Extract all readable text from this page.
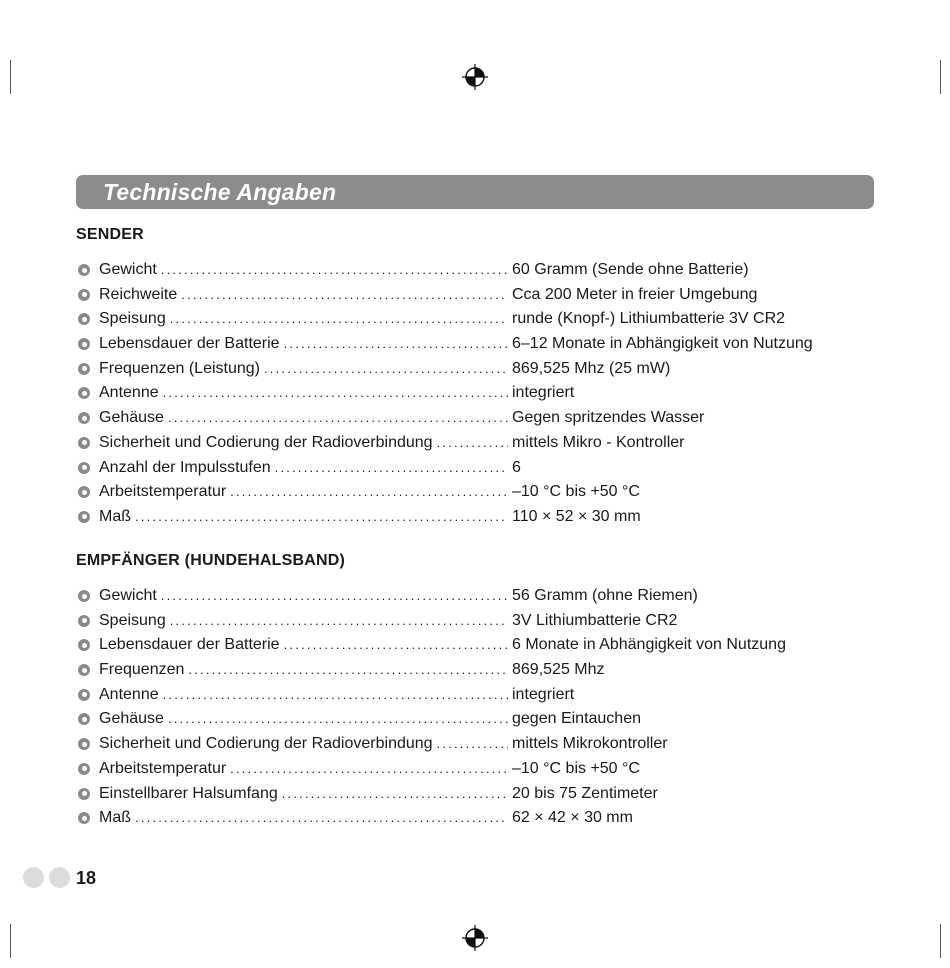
Technische Angaben
SENDER
Gewicht .....	60 Gramm (Sende ohne Batterie)
Reichweite .....	Cca 200 Meter in freier Umgebung
Speisung .....	runde (Knopf-) Lithiumbatterie 3V CR2
Lebensdauer der Batterie .....	6–12 Monate in Abhängigkeit von Nutzung
Frequenzen (Leistung) .....	869,525 Mhz (25 mW)
Antenne .....	integriert
Gehäuse .....	Gegen spritzendes Wasser
Sicherheit und Codierung der Radioverbindung .....	mittels Mikro - Kontroller
Anzahl der Impulsstufen .....	6
Arbeitstemperatur .....	–10 °C bis +50 °C
Maß .....	110 × 52 × 30 mm
EMPFÄNGER (HUNDEHALSBAND)
Gewicht .....	56 Gramm (ohne Riemen)
Speisung .....	3V Lithiumbatterie CR2
Lebensdauer der Batterie .....	6 Monate in Abhängigkeit von Nutzung
Frequenzen .....	869,525 Mhz
Antenne .....	integriert
Gehäuse .....	gegen Eintauchen
Sicherheit und Codierung der Radioverbindung .....	mittels Mikrokontroller
Arbeitstemperatur .....	–10 °C bis +50 °C
Einstellbarer Halsumfang .....	20 bis 75 Zentimeter
Maß .....	62 × 42 × 30 mm
18
